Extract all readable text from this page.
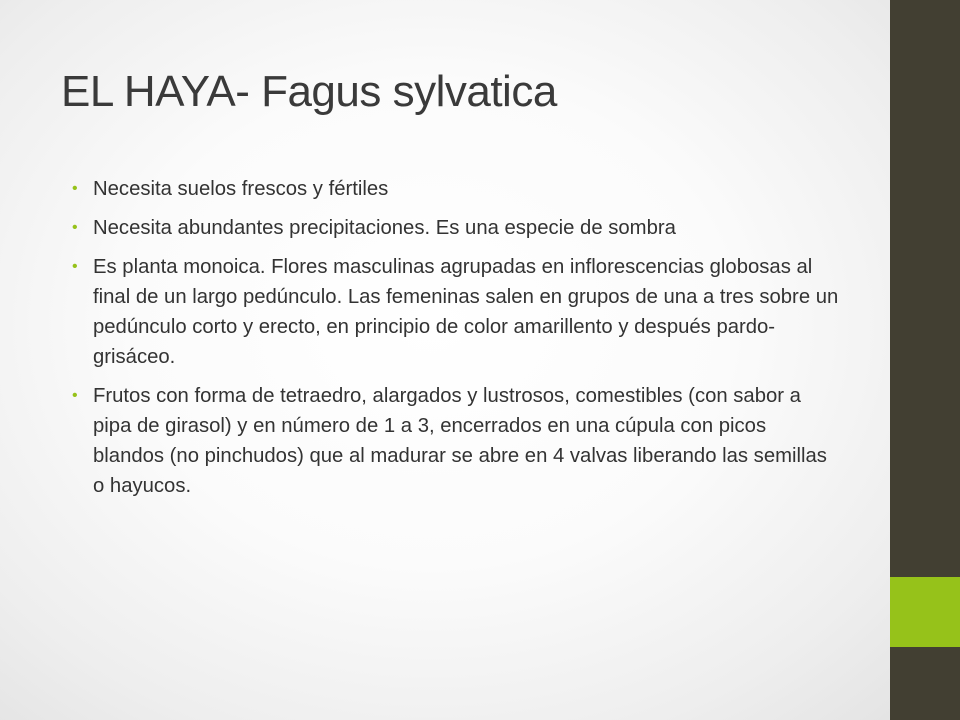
EL HAYA- Fagus sylvatica
• Necesita suelos frescos y fértiles
• Necesita abundantes precipitaciones. Es una especie de sombra
• Es planta monoica. Flores masculinas agrupadas en inflorescencias globosas al final de un largo pedúnculo. Las femeninas salen en grupos de una a tres sobre un pedúnculo corto y erecto, en principio de color amarillento y después pardo-grisáceo.
• Frutos con forma de tetraedro, alargados y lustrosos, comestibles (con sabor a pipa de girasol) y en número de 1 a 3, encerrados en una cúpula con picos blandos (no pinchudos) que al madurar se abre en 4 valvas liberando las semillas o hayucos.
